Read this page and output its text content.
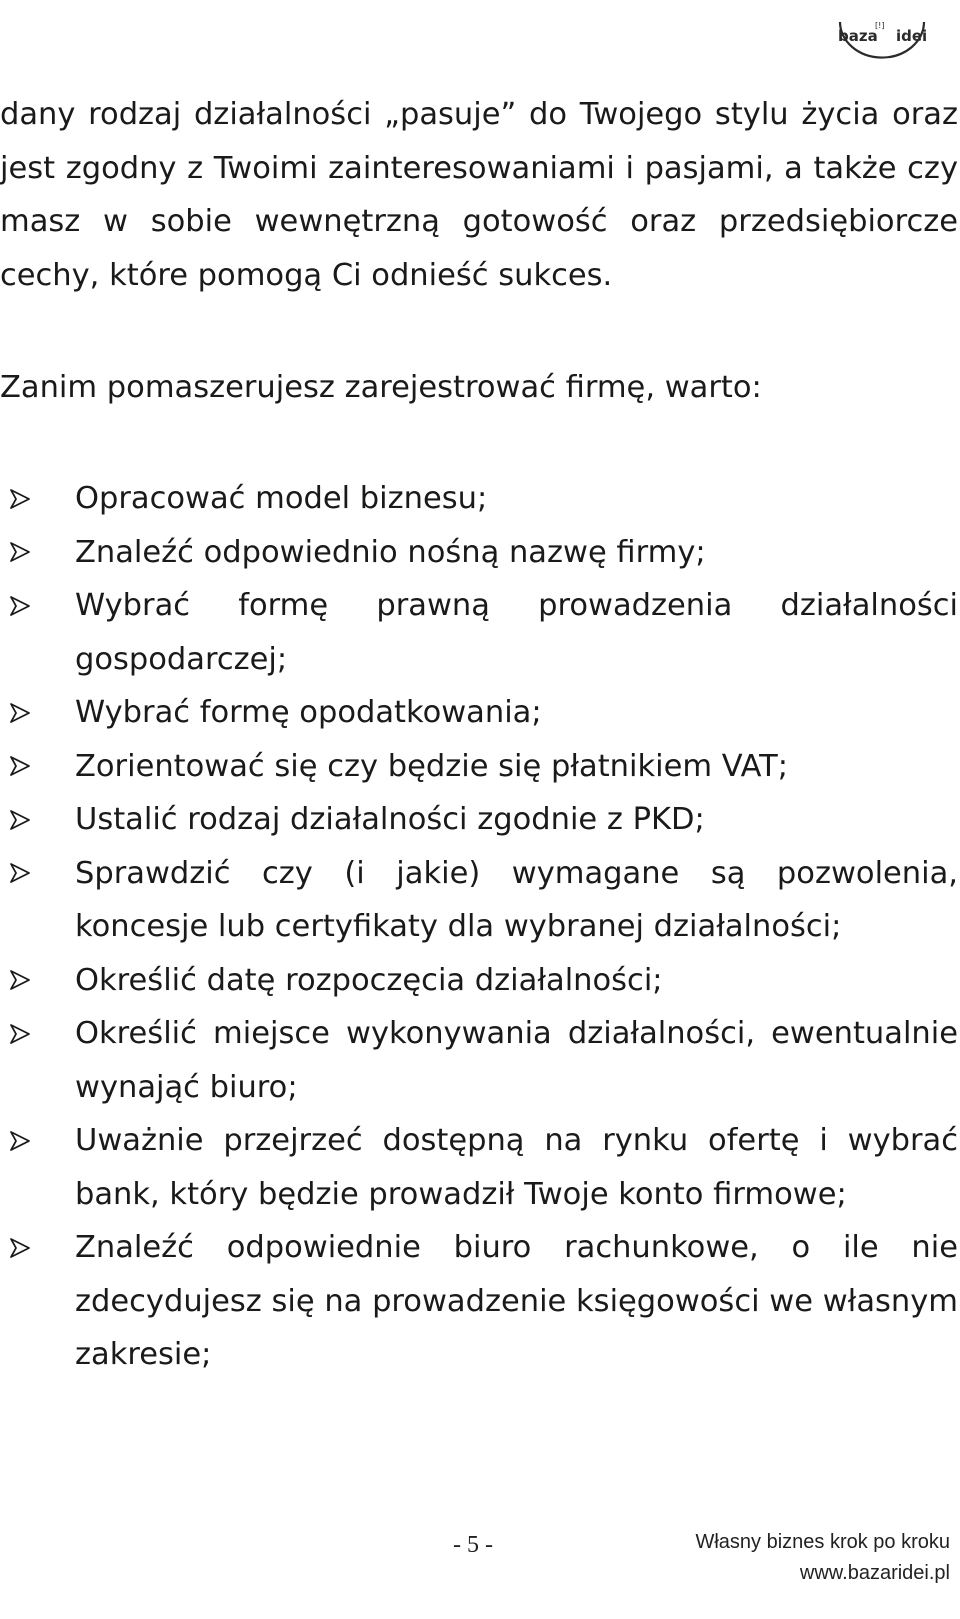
baza
[!]
idei

dany rodzaj działalności „pasuje” do Twojego stylu życia oraz jest zgodny z Twoimi zainteresowaniami i pasjami, a także czy masz w sobie wewnętrzną gotowość oraz przedsiębiorcze cechy, które pomogą Ci odnieść sukces.

Zanim pomaszerujesz zarejestrować firmę, warto:

Opracować model biznesu;
Znaleźć odpowiednio nośną nazwę firmy;
Wybrać formę prawną prowadzenia działalności gospodarczej;
Wybrać formę opodatkowania;
Zorientować się czy będzie się płatnikiem VAT;
Ustalić rodzaj działalności zgodnie z PKD;
Sprawdzić czy (i jakie) wymagane są pozwolenia, koncesje lub certyfikaty dla wybranej działalności;
Określić datę rozpoczęcia działalności;
Określić miejsce wykonywania działalności, ewentualnie wynająć biuro;
Uważnie przejrzeć dostępną na rynku ofertę i wybrać bank, który będzie prowadził Twoje konto firmowe;
Znaleźć odpowiednie biuro rachunkowe, o ile nie zdecydujesz się na prowadzenie księgowości we własnym zakresie;
- 5 -	Własny biznes krok po kroku
www.bazaridei.pl
